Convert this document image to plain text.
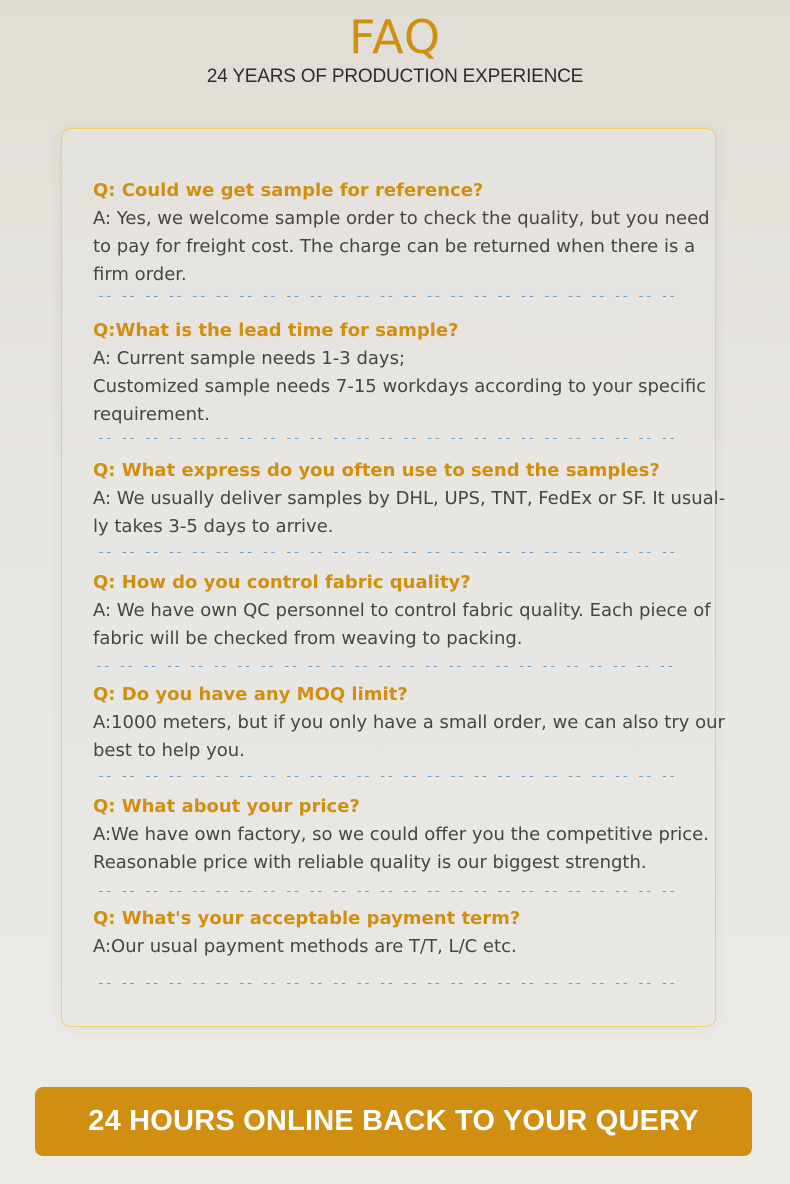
FAQ
24 YEARS OF PRODUCTION EXPERIENCE
Q: Could we get sample for reference?
A: Yes, we welcome sample order to check the quality, but you need
to pay for freight cost. The charge can be returned when there is a
firm order.
-- -- -- -- -- -- -- -- -- -- -- -- -- -- -- -- -- -- -- -- -- -- -- -- --
Q:What is the lead time for sample?
A: Current sample needs 1-3 days;
Customized sample needs 7-15 workdays according to your specific
requirement.
-- -- -- -- -- -- -- -- -- -- -- -- -- -- -- -- -- -- -- -- -- -- -- -- --
Q: What express do you often use to send the samples?
A: We usually deliver samples by DHL, UPS, TNT, FedEx or SF. It usual-
ly takes 3-5 days to arrive.
-- -- -- -- -- -- -- -- -- -- -- -- -- -- -- -- -- -- -- -- -- -- -- -- --
Q: How do you control fabric quality?
A: We have own QC personnel to control fabric quality. Each piece of
fabric will be checked from weaving to packing.
-- -- -- -- -- -- -- -- -- -- -- -- -- -- -- -- -- -- -- -- -- -- -- -- --
Q: Do you have any MOQ limit?
A:1000 meters, but if you only have a small order, we can also try our
best to help you.
-- -- -- -- -- -- -- -- -- -- -- -- -- -- -- -- -- -- -- -- -- -- -- -- --
Q: What about your price?
A:We have own factory, so we could offer you the competitive price.
Reasonable price with reliable quality is our biggest strength.
-- -- -- -- -- -- -- -- -- -- -- -- -- -- -- -- -- -- -- -- -- -- -- -- --
Q: What's your acceptable payment term?
A:Our usual payment methods are T/T, L/C etc.
-- -- -- -- -- -- -- -- -- -- -- -- -- -- -- -- -- -- -- -- -- -- -- -- --
24 HOURS ONLINE BACK TO YOUR QUERY
